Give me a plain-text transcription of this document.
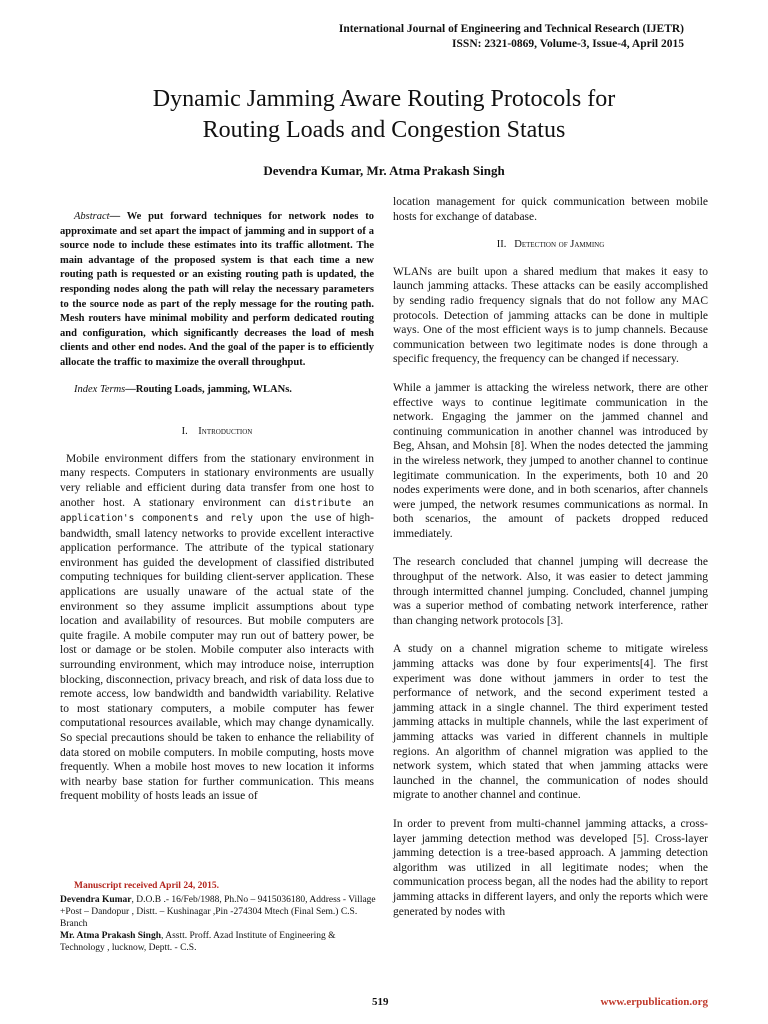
International Journal of Engineering and Technical Research (IJETR)
ISSN: 2321-0869, Volume-3, Issue-4, April 2015
Dynamic Jamming Aware Routing Protocols for
Routing Loads and Congestion Status
Devendra Kumar, Mr. Atma Prakash Singh

Abstract— We put forward techniques for network nodes to approximate and set apart the impact of jamming and in support of a source node to include these estimates into its traffic allotment. The main advantage of the proposed system is that each time a new routing path is requested or an existing routing path is updated, the responding nodes along the path will relay the necessary parameters to the source node as part of the reply message for the routing path. Mesh routers have minimal mobility and perform dedicated routing and configuration, which significantly decreases the load of mesh clients and other end nodes. And the goal of the paper is to efficiently allocate the traffic to maximize the overall throughput.

Index Terms—Routing Loads, jamming, WLANs.

I. Introduction

Mobile environment differs from the stationary environment in many respects. Computers in stationary environments are usually very reliable and efficient during data transfer from one host to another host. A stationary environment can distribute an application's components and rely upon the use of high-bandwidth, small latency networks to provide excellent interactive application performance. The attribute of the typical stationary environment has guided the development of classified distributed computing techniques for building client-server application. These applications are usually unaware of the actual state of the environment so they assume implicit assumptions about type location and availability of resources. But mobile computers are quite fragile. A mobile computer may run out of battery power, be lost or damage or be stolen. Mobile computer also interacts with surrounding environment, which may introduce noise, interruption blocking, disconnection, privacy breach, and risk of data loss due to remote access, low bandwidth and bandwidth variability. Relative to most stationary computers, a mobile computer has fewer computational resources available, which may change dynamically. So special precautions should be taken to enhance the reliability of data stored on mobile computers. In mobile computing, hosts move frequently. When a mobile host moves to new location it informs with nearby base station for further communication. This means frequent mobility of hosts leads an issue of

Manuscript received April 24, 2015.
Devendra Kumar, D.O.B .- 16/Feb/1988, Ph.No – 9415036180, Address - Village +Post – Dandopur , Distt. – Kushinagar ,Pin -274304 Mtech (Final Sem.) C.S. Branch
Mr. Atma Prakash Singh, Asstt. Proff. Azad Institute of Engineering & Technology , lucknow, Deptt. - C.S.

location management for quick communication between mobile hosts for exchange of database.

II. Detection of Jamming

WLANs are built upon a shared medium that makes it easy to launch jamming attacks. These attacks can be easily accomplished by sending radio frequency signals that do not follow any MAC protocols. Detection of jamming attacks can be done in multiple ways. One of the most efficient ways is to jump channels. Because communication between two legitimate nodes is done through a specific frequency, the frequency can be changed if necessary.

While a jammer is attacking the wireless network, there are other effective ways to continue legitimate communication in the network. Engaging the jammer on the jammed channel and continuing communication in another channel was introduced by Beg, Ahsan, and Mohsin [8]. When the nodes detected the jamming in the wireless network, they jumped to another channel to continue legitimate communication. In the experiments, both 10 and 20 nodes experiments were done, and in both scenarios, after channels were jumped, the network resumes communications as normal. In both scenarios, the amount of packets dropped reduced immediately.

The research concluded that channel jumping will decrease the throughput of the network. Also, it was easier to detect jamming through intermitted channel jumping. Concluded, channel jumping was a superior method of combating network interference, rather than changing network protocols [3].

A study on a channel migration scheme to mitigate wireless jamming attacks was done by four experiments[4]. The first experiment was done without jammers in order to test the performance of network, and the second experiment tested a jamming attack in a single channel. The third experiment tested jamming attacks in multiple channels, while the last experiment of jamming attacks was varied in different channels in multiple regions. An algorithm of channel migration was applied to the network system, which stated that when jamming attacks were launched in the channel, the communication of nodes should migrate to another channel and continue.

In order to prevent from multi-channel jamming attacks, a cross-layer jamming detection method was developed [5]. Cross-layer jamming detection is a tree-based approach. A jamming detection algorithm was utilized in all legitimate nodes; when the communication process began, all the nodes had the ability to report jamming attacks in different layers, and only the reports which were generated by nodes with

519	www.erpublication.org
